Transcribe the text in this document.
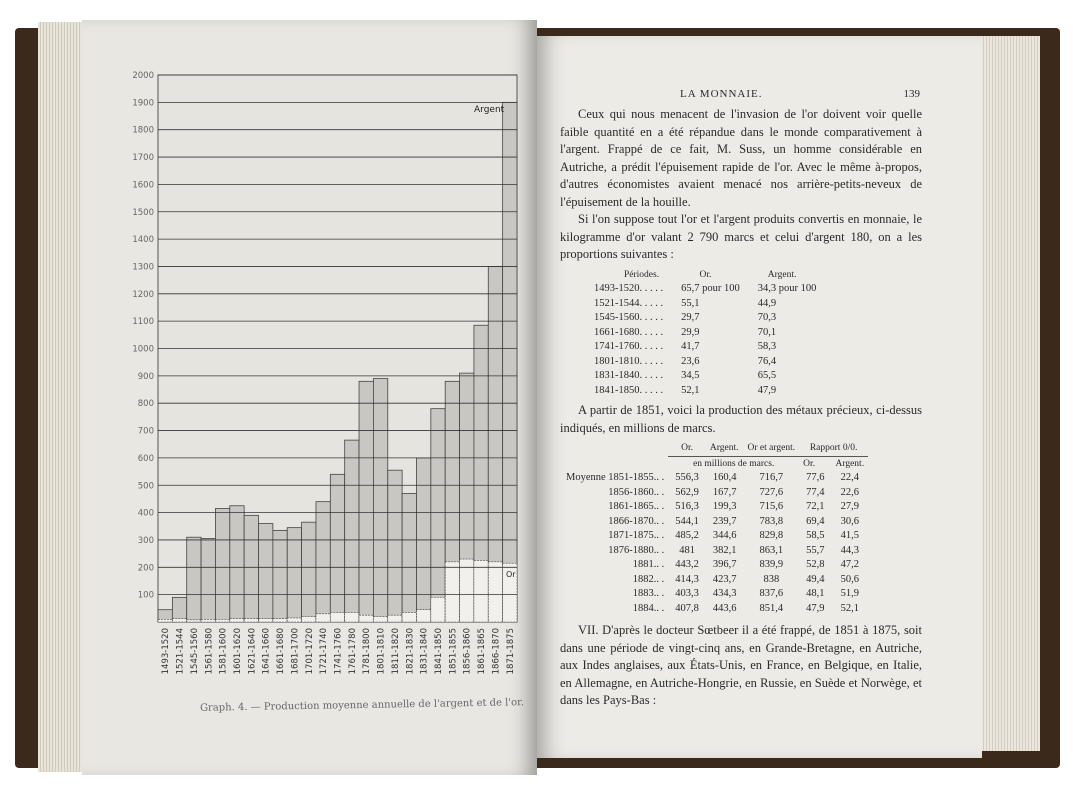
1493-1520 1521-1544 1545-1560 1561-1580 1581-1600 1601-1620 1621-1640 1641-1660 1661-1680 1681-1700 1701-1720 1721-1740 1741-1760 1761-1780 1781-1800 1801-1810 1811-1820 1821-1830 1831-1840 1841-1850 1851-1855 1856-1860 1861-1865 1866-1870 1871-1875
100
200
300
400
500
600
700
800
900
1000
1100
1200
1300
1400
1500
1600
1700
1800
1900
2000
Argent
Or
Graph. 4. — Production moyenne annuelle de l'argent et de l'or.
LA MONNAIE.	139
Ceux qui nous menacent de l'invasion de l'or doivent voir quelle faible quantité en a été répandue dans le monde comparativement à l'argent. Frappé de ce fait, M. Suss, un homme considérable en Autriche, a prédit l'épuisement rapide de l'or. Avec le même à-propos, d'autres économistes avaient menacé nos arrière-petits-neveux de l'épuisement de la houille.
Si l'on suppose tout l'or et l'argent produits convertis en monnaie, le kilogramme d'or valant 2 790 marcs et celui d'argent 180, on a les proportions suivantes :
Périodes.	Or.	Argent.
1493-1520. . . . .	65,7 pour 100	34,3 pour 100
1521-1544. . . . .	55,1	44,9
1545-1560. . . . .	29,7	70,3
1661-1680. . . . .	29,9	70,1
1741-1760. . . . .	41,7	58,3
1801-1810. . . . .	23,6	76,4
1831-1840. . . . .	34,5	65,5
1841-1850. . . . .	52,1	47,9
A partir de 1851, voici la production des métaux précieux, ci-dessus indiqués, en millions de marcs.
	Or.	Argent.	Or et argent.	Rapport 0/0.	
	en millions de marcs.			Or.	Argent.
Moyenne 1851-1855.. .	556,3	160,4	716,7	77,6	22,4
1856-1860.. .	562,9	167,7	727,6	77,4	22,6
1861-1865.. .	516,3	199,3	715,6	72,1	27,9
1866-1870.. .	544,1	239,7	783,8	69,4	30,6
1871-1875.. .	485,2	344,6	829,8	58,5	41,5
1876-1880.. .	481	382,1	863,1	55,7	44,3
1881.. .	443,2	396,7	839,9	52,8	47,2
1882.. .	414,3	423,7	838	49,4	50,6
1883.. .	403,3	434,3	837,6	48,1	51,9
1884.. .	407,8	443,6	851,4	47,9	52,1
VII. D'après le docteur Sœtbeer il a été frappé, de 1851 à 1875, soit dans une période de vingt-cinq ans, en Grande-Bretagne, en Autriche, aux Indes anglaises, aux États-Unis, en France, en Belgique, en Italie, en Allemagne, en Autriche-Hongrie, en Russie, en Suède et Norwège, et dans les Pays-Bas :
